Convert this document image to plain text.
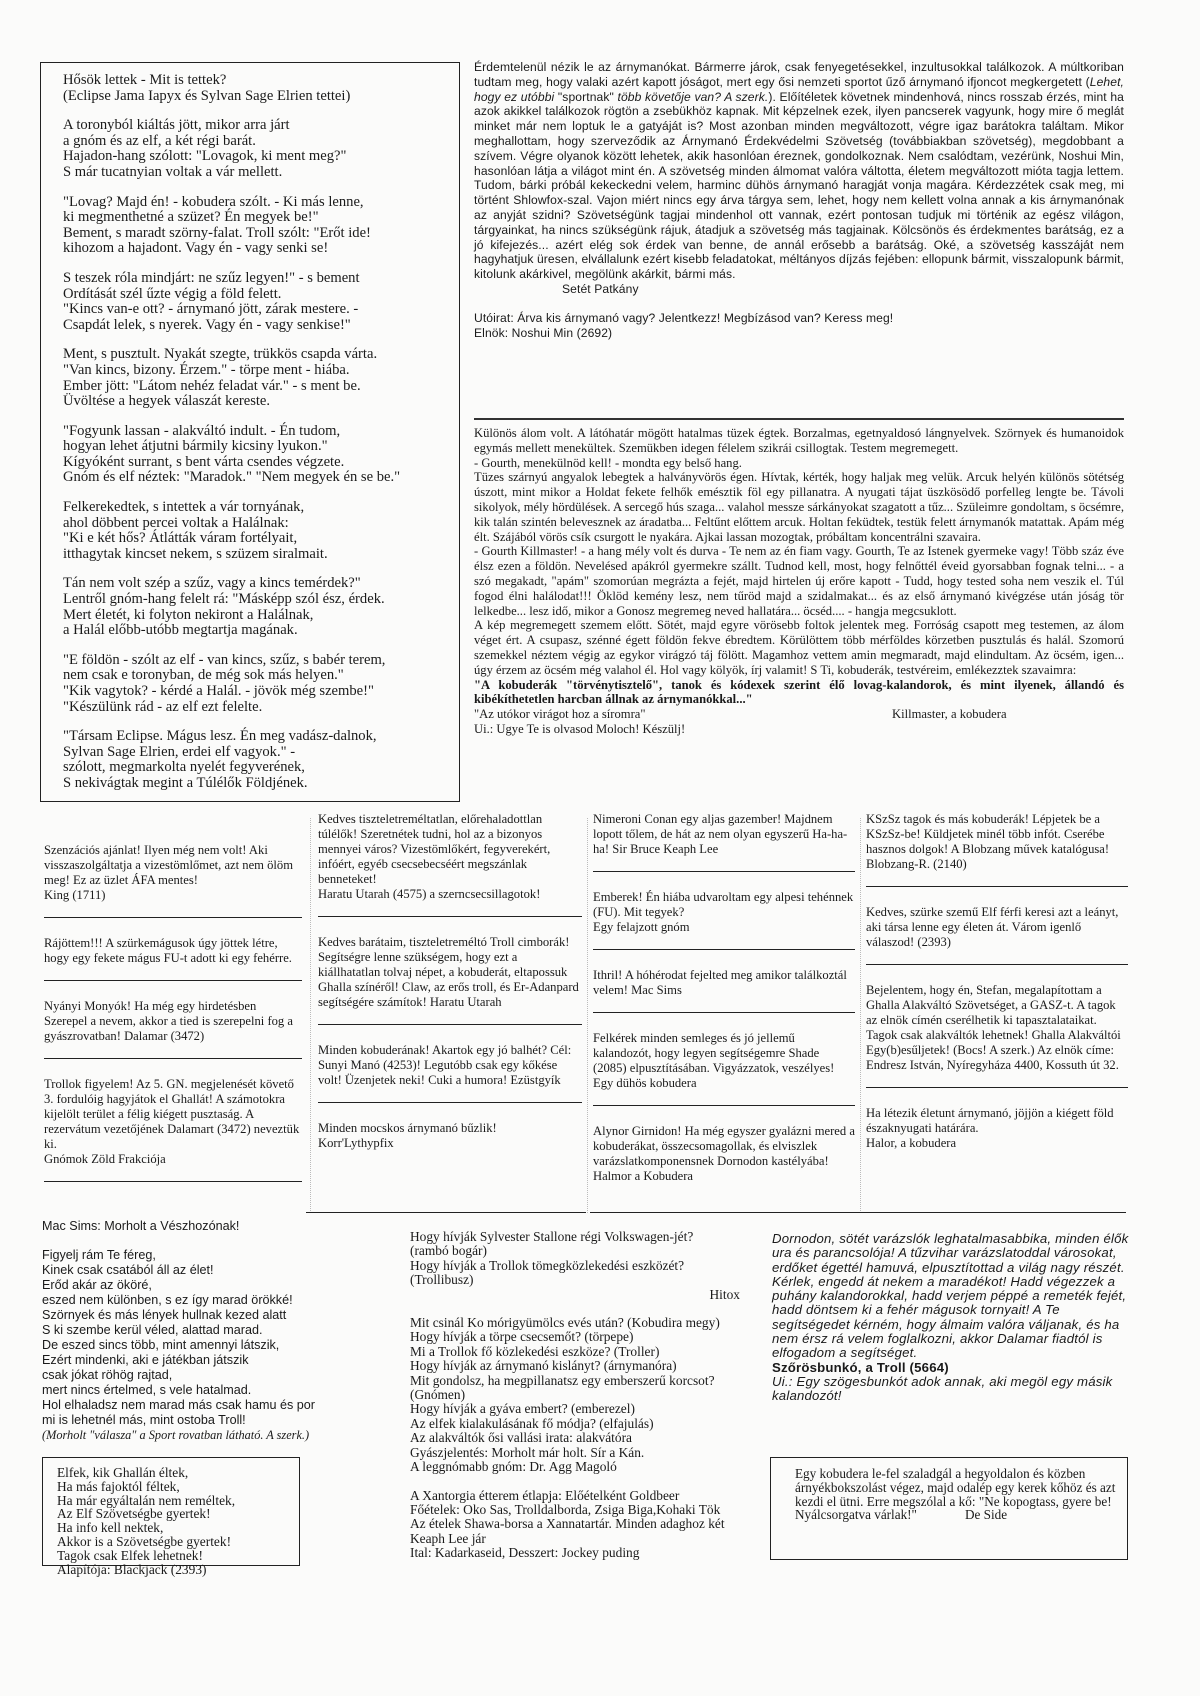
Hősök lettek - Mit is tettek?
(Eclipse Jama Iapyx és Sylvan Sage Elrien tettei)
A toronyból kiáltás jött, mikor arra járt
a gnóm és az elf, a két régi barát.
Hajadon-hang szólott: "Lovagok, ki ment meg?"
S már tucatnyian voltak a vár mellett.
"Lovag? Majd én! - kobudera szólt. - Ki más lenne,
ki megmenthetné a szüzet? Én megyek be!"
Bement, s maradt szörny-falat. Troll szólt: "Erőt ide!
kihozom a hajadont. Vagy én - vagy senki se!
S teszek róla mindjárt: ne szűz legyen!" - s bement
Ordítását szél űzte végig a föld felett.
"Kincs van-e ott? - árnymanó jött, zárak mestere. -
Csapdát lelek, s nyerek. Vagy én - vagy senkise!"
Ment, s pusztult. Nyakát szegte, trükkös csapda várta.
"Van kincs, bizony. Érzem." - törpe ment - hiába.
Ember jött: "Látom nehéz feladat vár." - s ment be.
Üvöltése a hegyek válaszát kereste.
"Fogyunk lassan - alakváltó indult. - Én tudom,
hogyan lehet átjutni bármily kicsiny lyukon."
Kígyóként surrant, s bent várta csendes végzete.
Gnóm és elf néztek: "Maradok." "Nem megyek én se be."
Felkerekedtek, s intettek a vár tornyának,
ahol döbbent percei voltak a Halálnak:
"Ki e két hős? Átlátták váram fortélyait,
itthagytak kincset nekem, s szüzem siralmait.
Tán nem volt szép a szűz, vagy a kincs temérdek?"
Lentről gnóm-hang felelt rá: "Másképp szól ész, érdek.
Mert életét, ki folyton nekiront a Halálnak,
a Halál előbb-utóbb megtartja magának.
"E földön - szólt az elf - van kincs, szűz, s babér terem,
nem csak e toronyban, de még sok más helyen."
"Kik vagytok? - kérdé a Halál. - jövök még szembe!"
"Készülünk rád - az elf ezt felelte.
"Társam Eclipse. Mágus lesz. Én meg vadász-dalnok,
Sylvan Sage Elrien, erdei elf vagyok." -
szólott, megmarkolta nyelét fegyverének,
S nekivágtak megint a Túlélők Földjének.

Érdemtelenül nézik le az árnymanókat. Bármerre járok, csak fenyegetésekkel, inzultusokkal találkozok. A múltkoriban tudtam meg, hogy valaki azért kapott jóságot, mert egy ősi nemzeti sportot űző árnymanó ifjoncot megkergetett (Lehet, hogy ez utóbbi "sportnak" több követője van? A szerk.). Előítéletek követnek mindenhová, nincs rosszab érzés, mint ha azok akikkel találkozok rögtön a zsebükhöz kapnak. Mit képzelnek ezek, ilyen pancserek vagyunk, hogy mire ő meglát minket már nem loptuk le a gatyáját is? Most azonban minden megváltozott, végre igaz barátokra találtam. Mikor meghallottam, hogy szerveződik az Árnymanó Érdekvédelmi Szövetség (továbbiakban szövetség), megdobbant a szívem. Végre olyanok között lehetek, akik hasonlóan éreznek, gondolkoznak. Nem csalódtam, vezérünk, Noshui Min, hasonlóan látja a világot mint én. A szövetség minden álmomat valóra váltotta, életem megváltozott mióta tagja lettem. Tudom, bárki próbál kekeckedni velem, harminc dühös árnymanó haragját vonja magára. Kérdezzétek csak meg, mi történt Shlowfox-szal. Vajon miért nincs egy árva tárgya sem, lehet, hogy nem kellett volna annak a kis árnymanónak az anyját szidni? Szövetségünk tagjai mindenhol ott vannak, ezért pontosan tudjuk mi történik az egész világon, tárgyainkat, ha nincs szükségünk rájuk, átadjuk a szövetség más tagjainak. Kölcsönös és érdekmentes barátság, ez a jó kifejezés... azért elég sok érdek van benne, de annál erősebb a barátság. Oké, a szövetség kasszáját nem hagyhatjuk üresen, elvállalunk ezért kisebb feladatokat, méltányos díjzás fejében: ellopunk bármit, visszalopunk bármit, kitolunk akárkivel, megölünk akárkit, bármi más.

Setét Patkány
Utóirat: Árva kis árnymanó vagy? Jelentkezz! Megbízásod van? Keress meg!
Elnök: Noshui Min (2692)

Különös álom volt. A látóhatár mögött hatalmas tüzek égtek. Borzalmas, egetnyaldosó lángnyelvek. Szörnyek és humanoidok egymás mellett menekültek. Szemükben idegen félelem szikrái csillogtak. Testem megremegett.

- Gourth, menekülnöd kell! - mondta egy belső hang.

Tüzes szárnyú angyalok lebegtek a halványvörös égen. Hívtak, kérték, hogy haljak meg velük. Arcuk helyén különös sötétség úszott, mint mikor a Holdat fekete felhők emésztik föl egy pillanatra. A nyugati tájat üszkösödő porfelleg lengte be. Távoli sikolyok, mély hördülések. A sercegő hús szaga... valahol messze sárkányokat szagatott a tűz... Szüleimre gondoltam, s öcsémre, kik talán szintén belevesznek az áradatba... Feltűnt előttem arcuk. Holtan feküdtek, testük felett árnymanók matattak. Apám még élt. Szájából vörös csík csurgott le nyakára. Ajkai lassan mozogtak, próbáltam koncentrálni szavaira.

- Gourth Killmaster! - a hang mély volt és durva - Te nem az én fiam vagy. Gourth, Te az Istenek gyermeke vagy! Több száz éve élsz ezen a földön. Nevelésed apákról gyermekre szállt. Tudnod kell, most, hogy felnőttél éveid gyorsabban fognak telni... - a szó megakadt, "apám" szomorúan megrázta a fejét, majd hirtelen új erőre kapott - Tudd, hogy tested soha nem veszik el. Túl fogod élni halálodat!!! Öklöd kemény lesz, nem tűröd majd a szidalmakat... és az első árnymanó kivégzése után jóság tör lelkedbe... lesz idő, mikor a Gonosz megremeg neved hallatára... öcséd.... - hangja megcsuklott.

A kép megremegett szemem előtt. Sötét, majd egyre vörösebb foltok jelentek meg. Forróság csapott meg testemen, az álom véget ért. A csupasz, szénné égett földön fekve ébredtem. Körülöttem több mérföldes körzetben pusztulás és halál. Szomorú szemekkel néztem végig az egykor virágzó táj fölött. Magamhoz vettem amin megmaradt, majd elindultam. Az öcsém, igen... úgy érzem az öcsém még valahol él. Hol vagy kölyök, írj valamit! S Ti, kobuderák, testvéreim, emlékezztek szavaimra:

"A kobuderák "törvénytisztelő", tanok és kódexek szerint élő lovag-kalandorok, és mint ilyenek, állandó és kibékíthetetlen harcban állnak az árnymanókkal..."

"Az utókor virágot hoz a síromra"	Killmaster, a kobudera

Ui.: Ugye Te is olvasod Moloch! Készülj!

Szenzációs ajánlat! Ilyen még nem volt! Aki visszaszolgáltatja a vizestömlőmet, azt nem ölöm meg! Ez az üzlet ÁFA mentes!
King (1711)
Rájöttem!!! A szürkemágusok úgy jöttek létre, hogy egy fekete mágus FU-t adott ki egy fehérre.
Nyányi Monyók! Ha még egy hirdetésben Szerepel a nevem, akkor a tied is szerepelni fog a gyászrovatban! Dalamar (3472)
Trollok figyelem! Az 5. GN. megjelenését követő 3. fordulóig hagyjátok el Ghallát! A számotokra kijelölt terület a félig kiégett pusztaság. A rezervátum vezetőjének Dalamart (3472) neveztük ki.
Gnómok Zöld Frakciója
Kedves tiszteletreméltatlan, előrehaladottlan túlélők! Szeretnétek tudni, hol az a bizonyos mennyei város? Vizestömlőkért, fegyverekért, infóért, egyéb csecsebecséért megszánlak benneteket!
Haratu Utarah (4575) a szerncsecsillagotok!
Kedves barátaim, tiszteletreméltó Troll cimborák! Segítségre lenne szükségem, hogy ezt a kiállhatatlan tolvaj népet, a kobuderát, eltapossuk Ghalla színéről! Claw, az erős troll, és Er-Adanpard segítségére számítok! Haratu Utarah
Minden kobuderának! Akartok egy jó balhét? Cél: Sunyi Manó (4253)! Legutóbb csak egy kőkése volt! Üzenjetek neki! Cuki a humora! Ezüstgyík
Minden mocskos árnymanó bűzlik!
Korr'Lythypfix
Nimeroni Conan egy aljas gazember! Majdnem lopott tőlem, de hát az nem olyan egyszerű Ha-ha-ha! Sir Bruce Keaph Lee
Emberek! Én hiába udvaroltam egy alpesi tehénnek (FU). Mit tegyek?
Egy felajzott gnóm
Ithril! A hóhérodat fejelted meg amikor találkoztál velem! Mac Sims
Felkérek minden semleges és jó jellemű kalandozót, hogy legyen segítségemre Shade (2085) elpusztításában. Vigyázzatok, veszélyes! Egy dühös kobudera
Alynor Girnidon! Ha még egyszer gyalázni mered a kobuderákat, összecsomagollak, és elviszlek varázslatkomponensnek Dornodon kastélyába! Halmor a Kobudera
KSzSz tagok és más kobuderák! Lépjetek be a KSzSz-be! Küldjetek minél több infót. Cserébe hasznos dolgok! A Blobzang művek katalógusa! Blobzang-R. (2140)
Kedves, szürke szemű Elf férfi keresi azt a leányt, aki társa lenne egy életen át. Várom igenlő válaszod! (2393)
Bejelentem, hogy én, Stefan, megalapítottam a Ghalla Alakváltó Szövetséget, a GASZ-t. A tagok az elnök címén cserélhetik ki tapasztalataikat. Tagok csak alakváltók lehetnek! Ghalla Alakváltói Egy(b)esűljetek! (Bocs! A szerk.) Az elnök címe: Endresz István, Nyíregyháza 4400, Kossuth út 32.
Ha létezik életunt árnymanó, jöjjön a kiégett föld északnyugati határára.
Halor, a kobudera
Mac Sims: Morholt a Vészhozónak!
Figyelj rám Te féreg,
Kinek csak csatából áll az élet!
Erőd akár az ököré,
eszed nem különben, s ez így marad örökké!
Szörnyek és más lények hullnak kezed alatt
S ki szembe kerül véled, alattad marad.
De eszed sincs több, mint amennyi látszik,
Ezért mindenki, aki e játékban játszik
csak jókat röhög rajtad,
mert nincs értelmed, s vele hatalmad.
Hol elhaladsz nem marad más csak hamu és por
mi is lehetnél más, mint ostoba Troll!
(Morholt "válasza" a Sport rovatban látható. A szerk.)
Elfek, kik Ghallán éltek,
Ha más fajoktól féltek,
Ha már egyáltalán nem reméltek,
Az Elf Szövetségbe gyertek!
Ha info kell nektek,
Akkor is a Szövetségbe gyertek!
Tagok csak Elfek lehetnek!
Alapítója: Blackjack (2393)
Hogy hívják Sylvester Stallone régi Volkswagen-jét?
(rambó bogár)
Hogy hívják a Trollok tömegközlekedési eszközét?
(Trollibusz)
Hitox
Mit csinál Ko mórigyümölcs evés után? (Kobudira megy)
Hogy hívják a törpe csecsemőt? (törpepe)
Mi a Trollok fő közlekedési eszköze? (Troller)
Hogy hívják az árnymanó kislányt? (árnymanóra)
Mit gondolsz, ha megpillanatsz egy emberszerű korcsot? (Gnómen)
Hogy hívják a gyáva embert? (emberezel)
Az elfek kialakulásának fő módja? (elfajulás)
Az alakváltók ősi vallási irata: alakvátóra
Gyászjelentés: Morholt már holt. Sír a Kán.
A leggnómabb gnóm: Dr. Agg Magoló
A Xantorgia étterem étlapja: Előételként Goldbeer
Főételek: Oko Sas, Trolldalborda, Zsiga Biga,Kohaki Tök
Az ételek Shawa-borsa a Xannatartár. Minden adaghoz két Keaph Lee jár
Ital: Kadarkaseid, Desszert: Jockey puding
Dornodon, sötét varázslók leghatalmasabbika, minden élők ura és parancsolója! A tűzvihar varázslatoddal városokat, erdőket égettél hamuvá, elpusztítottad a világ nagy részét. Kérlek, engedd át nekem a maradékot! Hadd végezzek a puhány kalandorokkal, hadd verjem péppé a remeték fejét, hadd döntsem ki a fehér mágusok tornyait! A Te segítségedet kérném, hogy álmaim valóra váljanak, és ha nem érsz rá velem foglalkozni, akkor Dalamar fiadtól is elfogadom a segítséget.
Szőrösbunkó, a Troll (5664)
Ui.: Egy szögesbunkót adok annak, aki megöl egy másik kalandozót!
Egy kobudera le-fel szaladgál a hegyoldalon és közben árnyékbokszolást végez, majd odalép egy kerek kőhöz és azt kezdi el ütni. Erre megszólal a kő: "Ne kopogtass, gyere be! Nyálcsorgatva várlak!"	De Side
